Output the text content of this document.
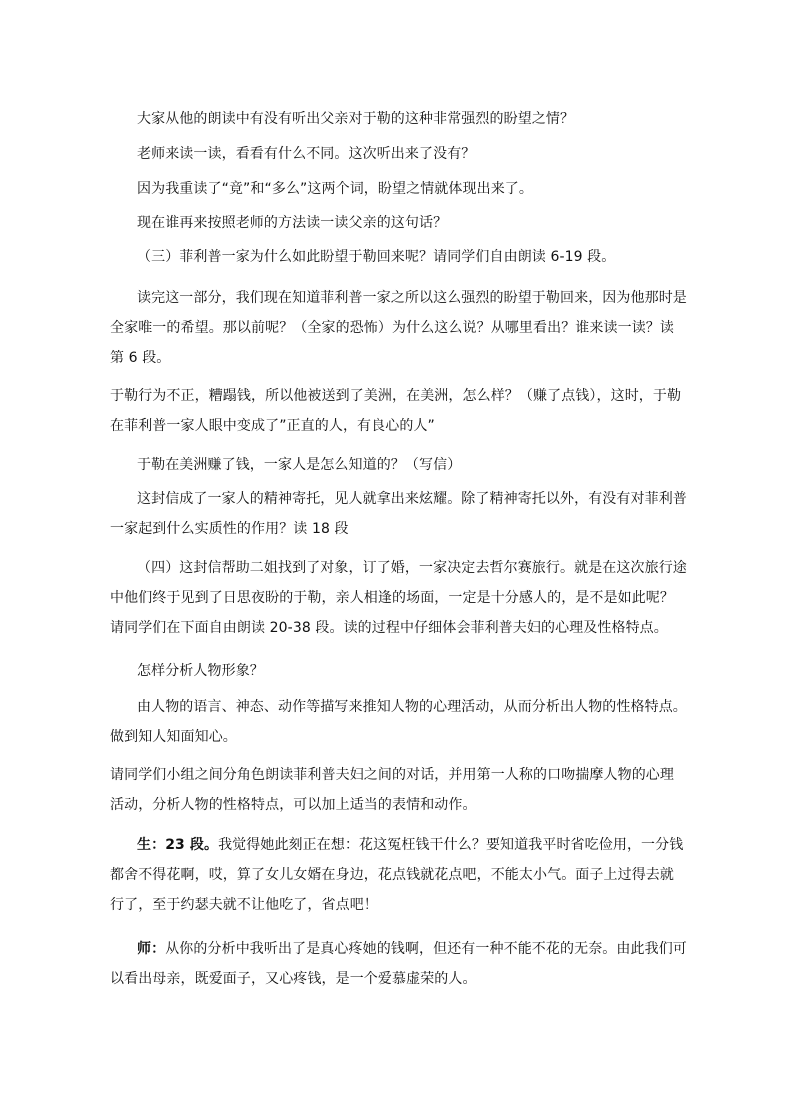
大家从他的朗读中有没有听出父亲对于勒的这种非常强烈的盼望之情？

老师来读一读，看看有什么不同。这次听出来了没有？

因为我重读了“竟”和“多么”这两个词，盼望之情就体现出来了。

现在谁再来按照老师的方法读一读父亲的这句话？

（三）菲利普一家为什么如此盼望于勒回来呢？请同学们自由朗读 6-19 段。

读完这一部分，我们现在知道菲利普一家之所以这么强烈的盼望于勒回来，因为他那时是全家唯一的希望。那以前呢？（全家的恐怖）为什么这么说？从哪里看出？谁来读一读？读第 6 段。

于勒行为不正，糟蹋钱，所以他被送到了美洲，在美洲，怎么样？（赚了点钱），这时，于勒在菲利普一家人眼中变成了”正直的人，有良心的人”

于勒在美洲赚了钱，一家人是怎么知道的？（写信）

这封信成了一家人的精神寄托，见人就拿出来炫耀。除了精神寄托以外，有没有对菲利普一家起到什么实质性的作用？读 18 段

（四）这封信帮助二姐找到了对象，订了婚，一家决定去哲尔赛旅行。就是在这次旅行途中他们终于见到了日思夜盼的于勒，亲人相逢的场面，一定是十分感人的，是不是如此呢？请同学们在下面自由朗读 20-38 段。读的过程中仔细体会菲利普夫妇的心理及性格特点。

怎样分析人物形象？

由人物的语言、神态、动作等描写来推知人物的心理活动，从而分析出人物的性格特点。做到知人知面知心。

请同学们小组之间分角色朗读菲利普夫妇之间的对话，并用第一人称的口吻揣摩人物的心理活动，分析人物的性格特点，可以加上适当的表情和动作。

生：23 段。我觉得她此刻正在想：花这冤枉钱干什么？要知道我平时省吃俭用，一分钱都舍不得花啊，哎，算了女儿女婿在身边，花点钱就花点吧，不能太小气。面子上过得去就行了，至于约瑟夫就不让他吃了，省点吧！

师：从你的分析中我听出了是真心疼她的钱啊，但还有一种不能不花的无奈。由此我们可以看出母亲，既爱面子，又心疼钱，是一个爱慕虚荣的人。
